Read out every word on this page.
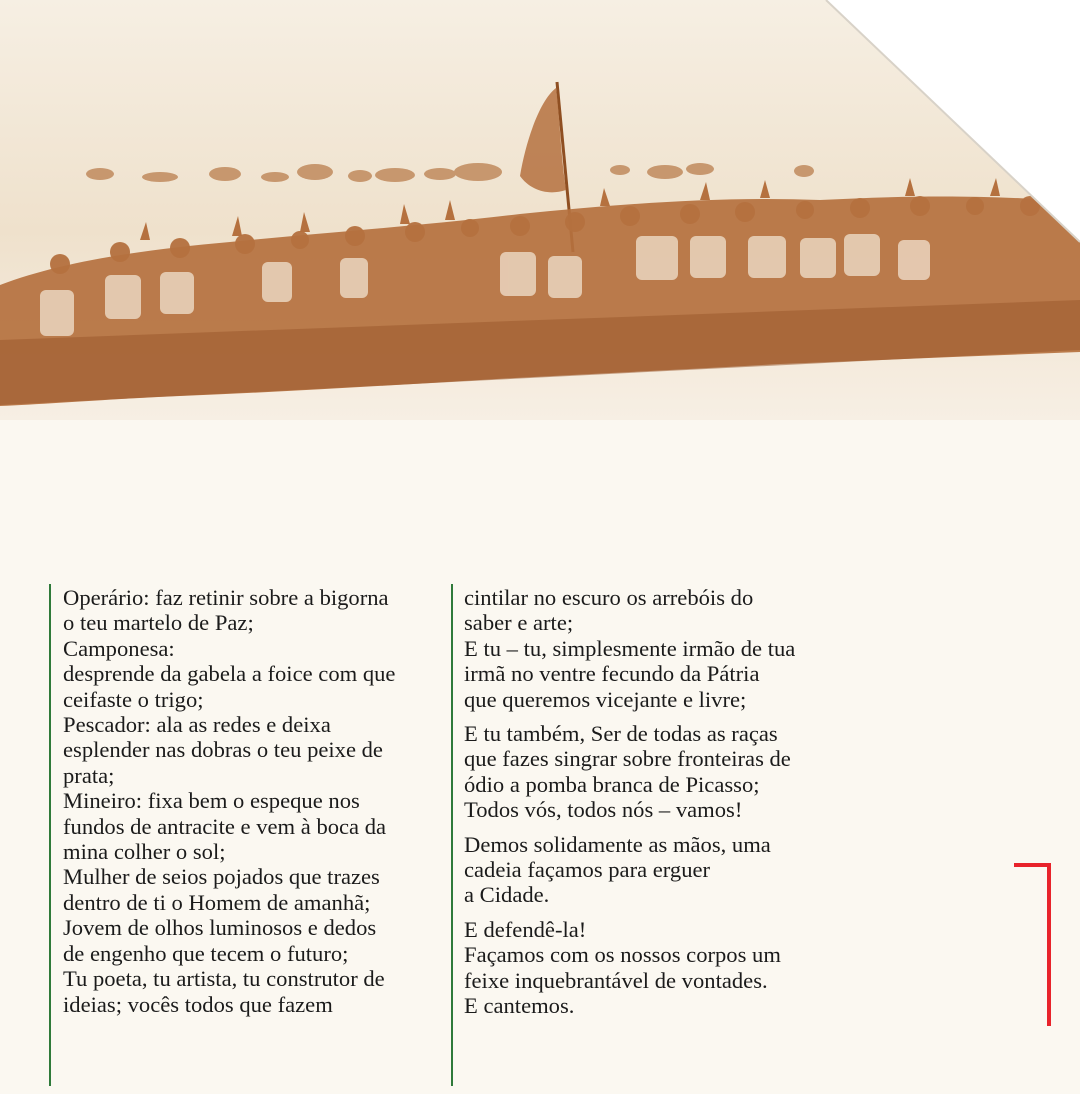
Operário: faz retinir sobre a bigorna
o teu martelo de Paz;
Camponesa:
desprende da gabela a foice com que
ceifaste o trigo;
Pescador: ala as redes e deixa
esplender nas dobras o teu peixe de
prata;
Mineiro: fixa bem o espeque nos
fundos de antracite e vem à boca da
mina colher o sol;
Mulher de seios pojados que trazes
dentro de ti o Homem de amanhã;
Jovem de olhos luminosos e dedos
de engenho que tecem o futuro;
Tu poeta, tu artista, tu construtor de
ideias; vocês todos que fazem

cintilar no escuro os arrebóis do
saber e arte;
E tu – tu, simplesmente irmão de tua
irmã no ventre fecundo da Pátria
que queremos vicejante e livre;

E tu também, Ser de todas as raças
que fazes singrar sobre fronteiras de
ódio a pomba branca de Picasso;
Todos vós, todos nós – vamos!

Demos solidamente as mãos, uma
cadeia façamos para erguer
a Cidade.

E defendê-la!
Façamos com os nossos corpos um
feixe inquebrantável de vontades.
E cantemos.
